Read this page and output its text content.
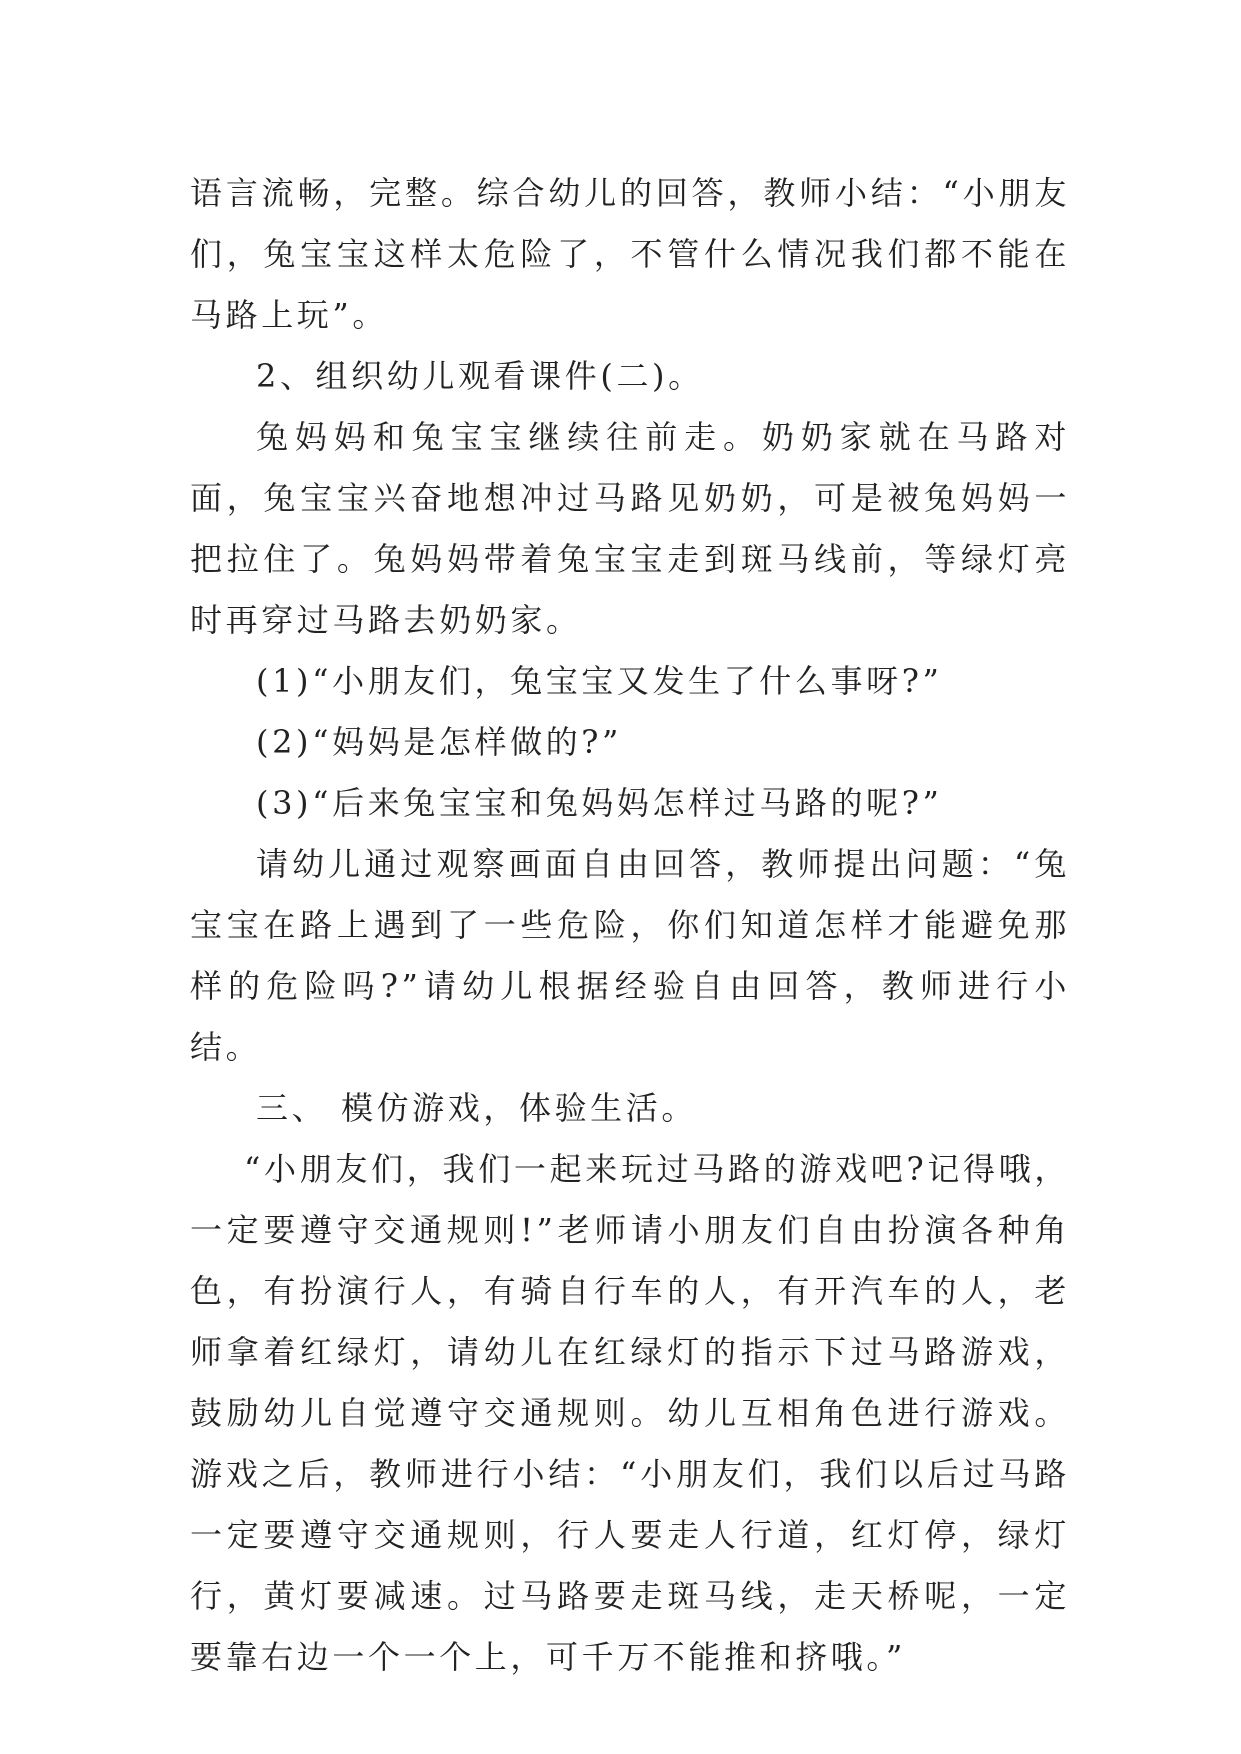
语言流畅，完整。综合幼儿的回答，教师小结：“小朋友们，兔宝宝这样太危险了，不管什么情况我们都不能在马路上玩”。

2、组织幼儿观看课件(二)。

兔妈妈和兔宝宝继续往前走。奶奶家就在马路对面，兔宝宝兴奋地想冲过马路见奶奶，可是被兔妈妈一把拉住了。兔妈妈带着兔宝宝走到斑马线前，等绿灯亮时再穿过马路去奶奶家。

(1)“小朋友们，兔宝宝又发生了什么事呀?”

(2)“妈妈是怎样做的?”

(3)“后来兔宝宝和兔妈妈怎样过马路的呢?”

请幼儿通过观察画面自由回答，教师提出问题：“兔宝宝在路上遇到了一些危险，你们知道怎样才能避免那样的危险吗?”请幼儿根据经验自由回答，教师进行小结。

三、 模仿游戏，体验生活。

“小朋友们，我们一起来玩过马路的游戏吧?记得哦，一定要遵守交通规则!”老师请小朋友们自由扮演各种角色，有扮演行人，有骑自行车的人，有开汽车的人，老师拿着红绿灯，请幼儿在红绿灯的指示下过马路游戏，鼓励幼儿自觉遵守交通规则。幼儿互相角色进行游戏。游戏之后，教师进行小结：“小朋友们，我们以后过马路一定要遵守交通规则，行人要走人行道，红灯停，绿灯行，黄灯要减速。过马路要走斑马线，走天桥呢，一定要靠右边一个一个上，可千万不能推和挤哦。”
